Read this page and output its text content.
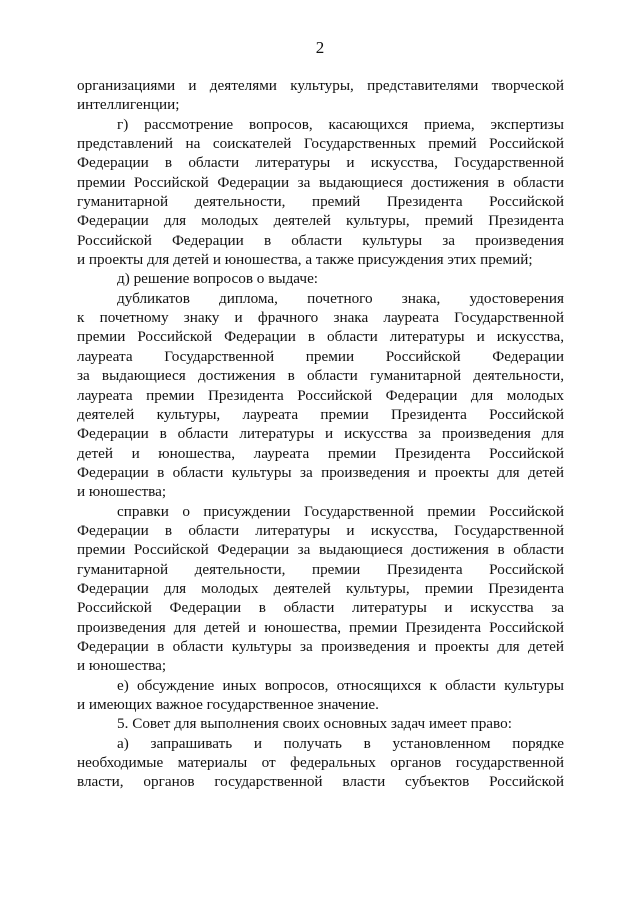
2
организациями и деятелями культуры, представителями творческой
интеллигенции;
г) рассмотрение вопросов, касающихся приема, экспертизы
представлений на соискателей Государственных премий Российской
Федерации в области литературы и искусства, Государственной
премии Российской Федерации за выдающиеся достижения в области
гуманитарной деятельности, премий Президента Российской
Федерации для молодых деятелей культуры, премий Президента
Российской Федерации в области культуры за произведения
и проекты для детей и юношества, а также присуждения этих премий;
д) решение вопросов о выдаче:
дубликатов диплома, почетного знака, удостоверения
к почетному знаку и фрачного знака лауреата Государственной
премии Российской Федерации в области литературы и искусства,
лауреата Государственной премии Российской Федерации
за выдающиеся достижения в области гуманитарной деятельности,
лауреата премии Президента Российской Федерации для молодых
деятелей культуры, лауреата премии Президента Российской
Федерации в области литературы и искусства за произведения для
детей и юношества, лауреата премии Президента Российской
Федерации в области культуры за произведения и проекты для детей
и юношества;
справки о присуждении Государственной премии Российской
Федерации в области литературы и искусства, Государственной
премии Российской Федерации за выдающиеся достижения в области
гуманитарной деятельности, премии Президента Российской
Федерации для молодых деятелей культуры, премии Президента
Российской Федерации в области литературы и искусства за
произведения для детей и юношества, премии Президента Российской
Федерации в области культуры за произведения и проекты для детей
и юношества;
е) обсуждение иных вопросов, относящихся к области культуры
и имеющих важное государственное значение.
5. Совет для выполнения своих основных задач имеет право:
а) запрашивать и получать в установленном порядке
необходимые материалы от федеральных органов государственной
власти, органов государственной власти субъектов Российской
